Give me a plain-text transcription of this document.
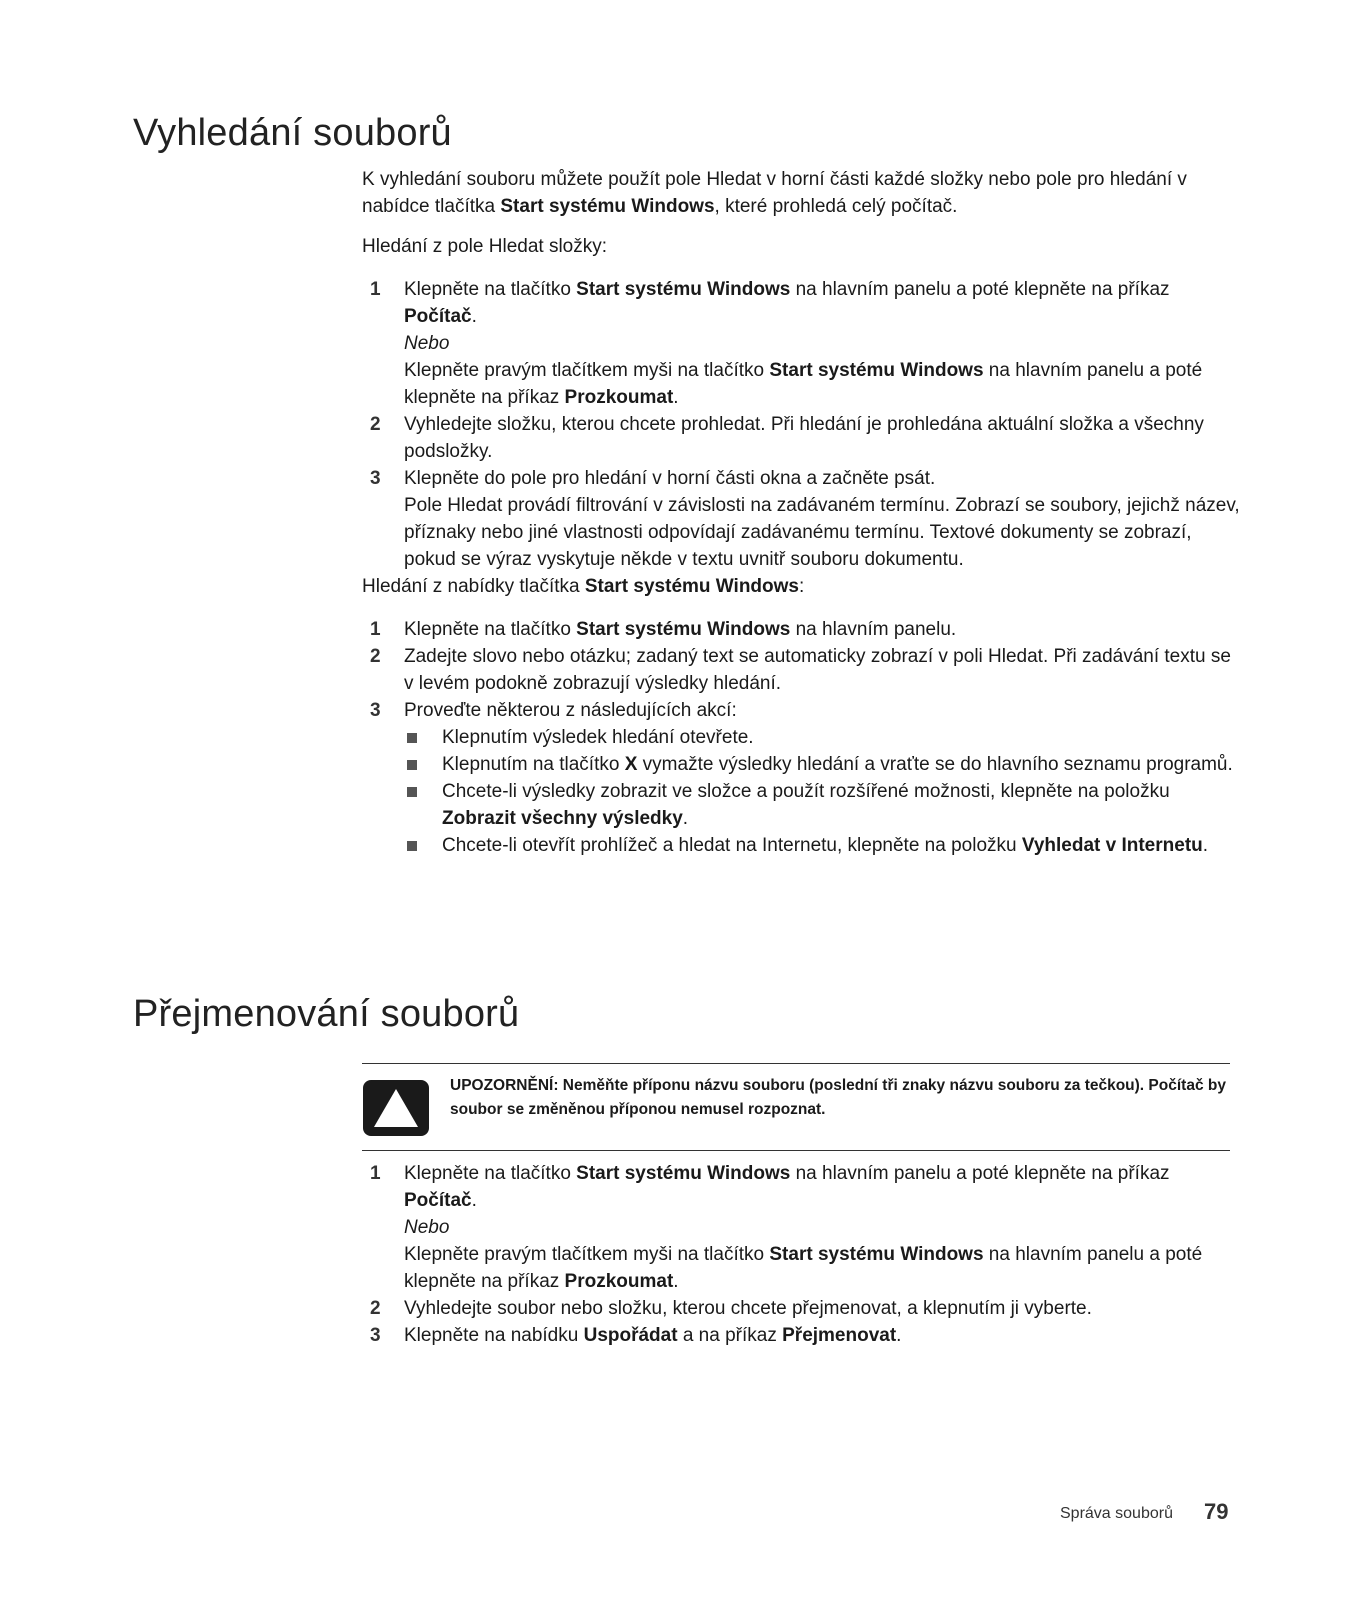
Vyhledání souborů

K vyhledání souboru můžete použít pole Hledat v horní části každé složky nebo pole pro hledání v nabídce tlačítka Start systému Windows, které prohledá celý počítač.

Hledání z pole Hledat složky:

1 Klepněte na tlačítko Start systému Windows na hlavním panelu a poté klepněte na příkaz Počítač.

Nebo

Klepněte pravým tlačítkem myši na tlačítko Start systému Windows na hlavním panelu a poté klepněte na příkaz Prozkoumat.

2 Vyhledejte složku, kterou chcete prohledat. Při hledání je prohledána aktuální složka a všechny podsložky.

3 Klepněte do pole pro hledání v horní části okna a začněte psát.

Pole Hledat provádí filtrování v závislosti na zadávaném termínu. Zobrazí se soubory, jejichž název, příznaky nebo jiné vlastnosti odpovídají zadávanému termínu. Textové dokumenty se zobrazí, pokud se výraz vyskytuje někde v textu uvnitř souboru dokumentu.

Hledání z nabídky tlačítka Start systému Windows:

1 Klepněte na tlačítko Start systému Windows na hlavním panelu.

2 Zadejte slovo nebo otázku; zadaný text se automaticky zobrazí v poli Hledat. Při zadávání textu se v levém podokně zobrazují výsledky hledání.

3 Proveďte některou z následujících akcí:

Klepnutím výsledek hledání otevřete.

Klepnutím na tlačítko X vymažte výsledky hledání a vraťte se do hlavního seznamu programů.

Chcete-li výsledky zobrazit ve složce a použít rozšířené možnosti, klepněte na položku Zobrazit všechny výsledky.

Chcete-li otevřít prohlížeč a hledat na Internetu, klepněte na položku Vyhledat v Internetu.

Přejmenování souborů
UPOZORNĚNÍ: Neměňte příponu názvu souboru (poslední tři znaky názvu souboru za tečkou). Počítač by soubor se změněnou příponou nemusel rozpoznat.

1 Klepněte na tlačítko Start systému Windows na hlavním panelu a poté klepněte na příkaz Počítač.

Nebo

Klepněte pravým tlačítkem myši na tlačítko Start systému Windows na hlavním panelu a poté klepněte na příkaz Prozkoumat.

2 Vyhledejte soubor nebo složku, kterou chcete přejmenovat, a klepnutím ji vyberte.

3 Klepněte na nabídku Uspořádat a na příkaz Přejmenovat.

Správa souborů 79
